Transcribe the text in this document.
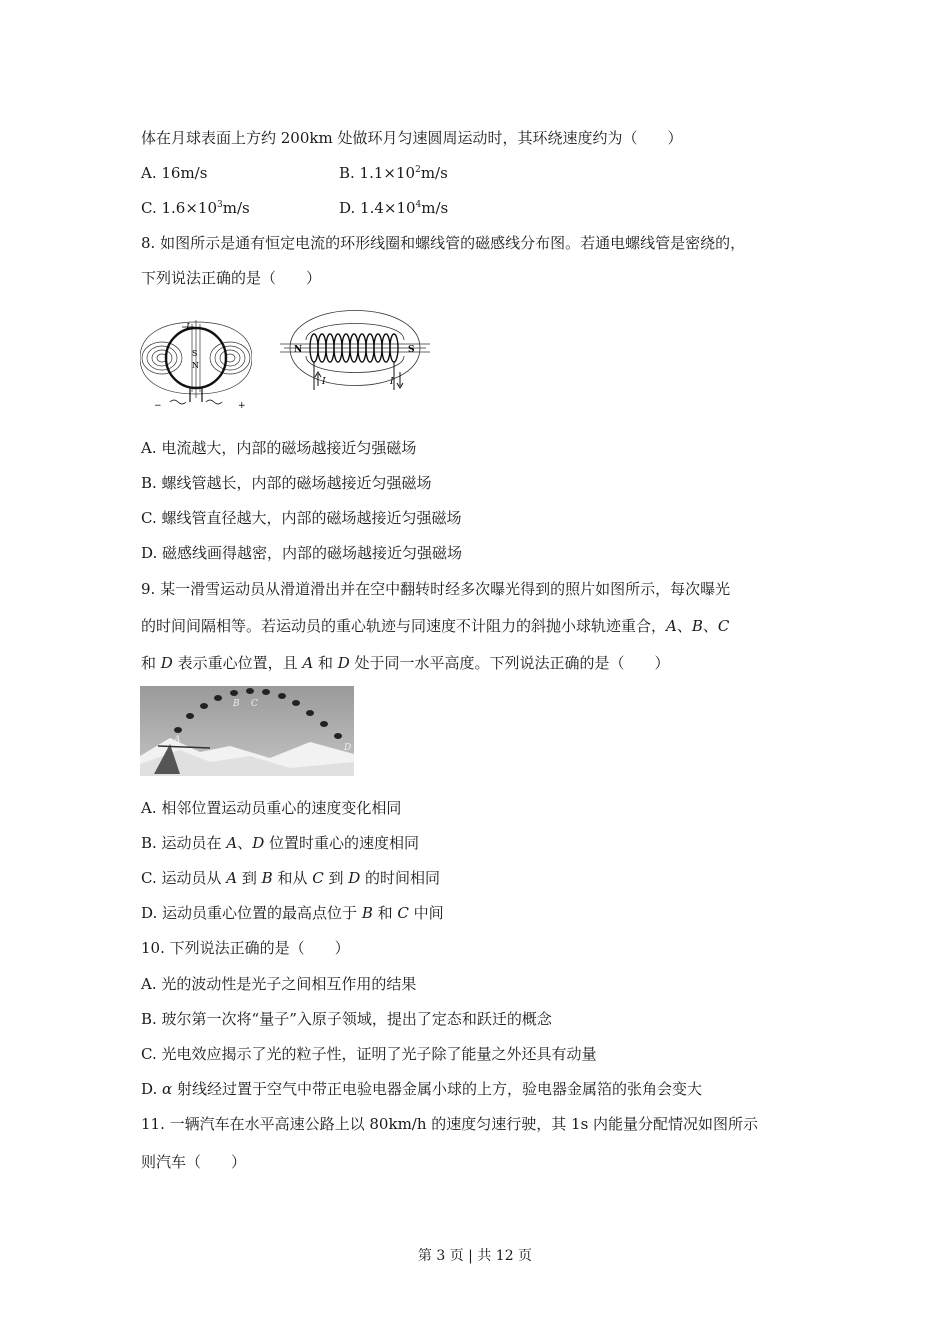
体在月球表面上方约 200km 处做环月匀速圆周运动时，其环绕速度约为（　　）
A. 16m/s	B. $1.1\times 10^2m/s$
C. $1.6\times 10^3m/s$	D. $1.4\times 10^4m/s$
8. 如图所示是通有恒定电流的环形线圈和螺线管的磁感线分布图。若通电螺线管是密绕的，
下列说法正确的是（　　）
I
S
N
−	+
N	S
I	I
A. 电流越大，内部的磁场越接近匀强磁场
B. 螺线管越长，内部的磁场越接近匀强磁场
C. 螺线管直径越大，内部的磁场越接近匀强磁场
D. 磁感线画得越密，内部的磁场越接近匀强磁场
9. 某一滑雪运动员从滑道滑出并在空中翻转时经多次曝光得到的照片如图所示，每次曝光
的时间间隔相等。若运动员的重心轨迹与同速度不计阻力的斜抛小球轨迹重合，A、B、C
和 D 表示重心位置，且 A 和 D 处于同一水平高度。下列说法正确的是（　　）
A
B C
D
A. 相邻位置运动员重心的速度变化相同
B. 运动员在 A、D 位置时重心的速度相同
C. 运动员从 A 到 B 和从 C 到 D 的时间相同
D. 运动员重心位置的最高点位于 B 和 C 中间
10. 下列说法正确的是（　　）
A. 光的波动性是光子之间相互作用的结果
B. 玻尔第一次将“量子”入原子领域，提出了定态和跃迁的概念
C. 光电效应揭示了光的粒子性，证明了光子除了能量之外还具有动量
D. α 射线经过置于空气中带正电验电器金属小球的上方，验电器金属箔的张角会变大
11. 一辆汽车在水平高速公路上以 80km/h 的速度匀速行驶，其 1s 内能量分配情况如图所示
则汽车（　　）
第 3 页 | 共 12 页
